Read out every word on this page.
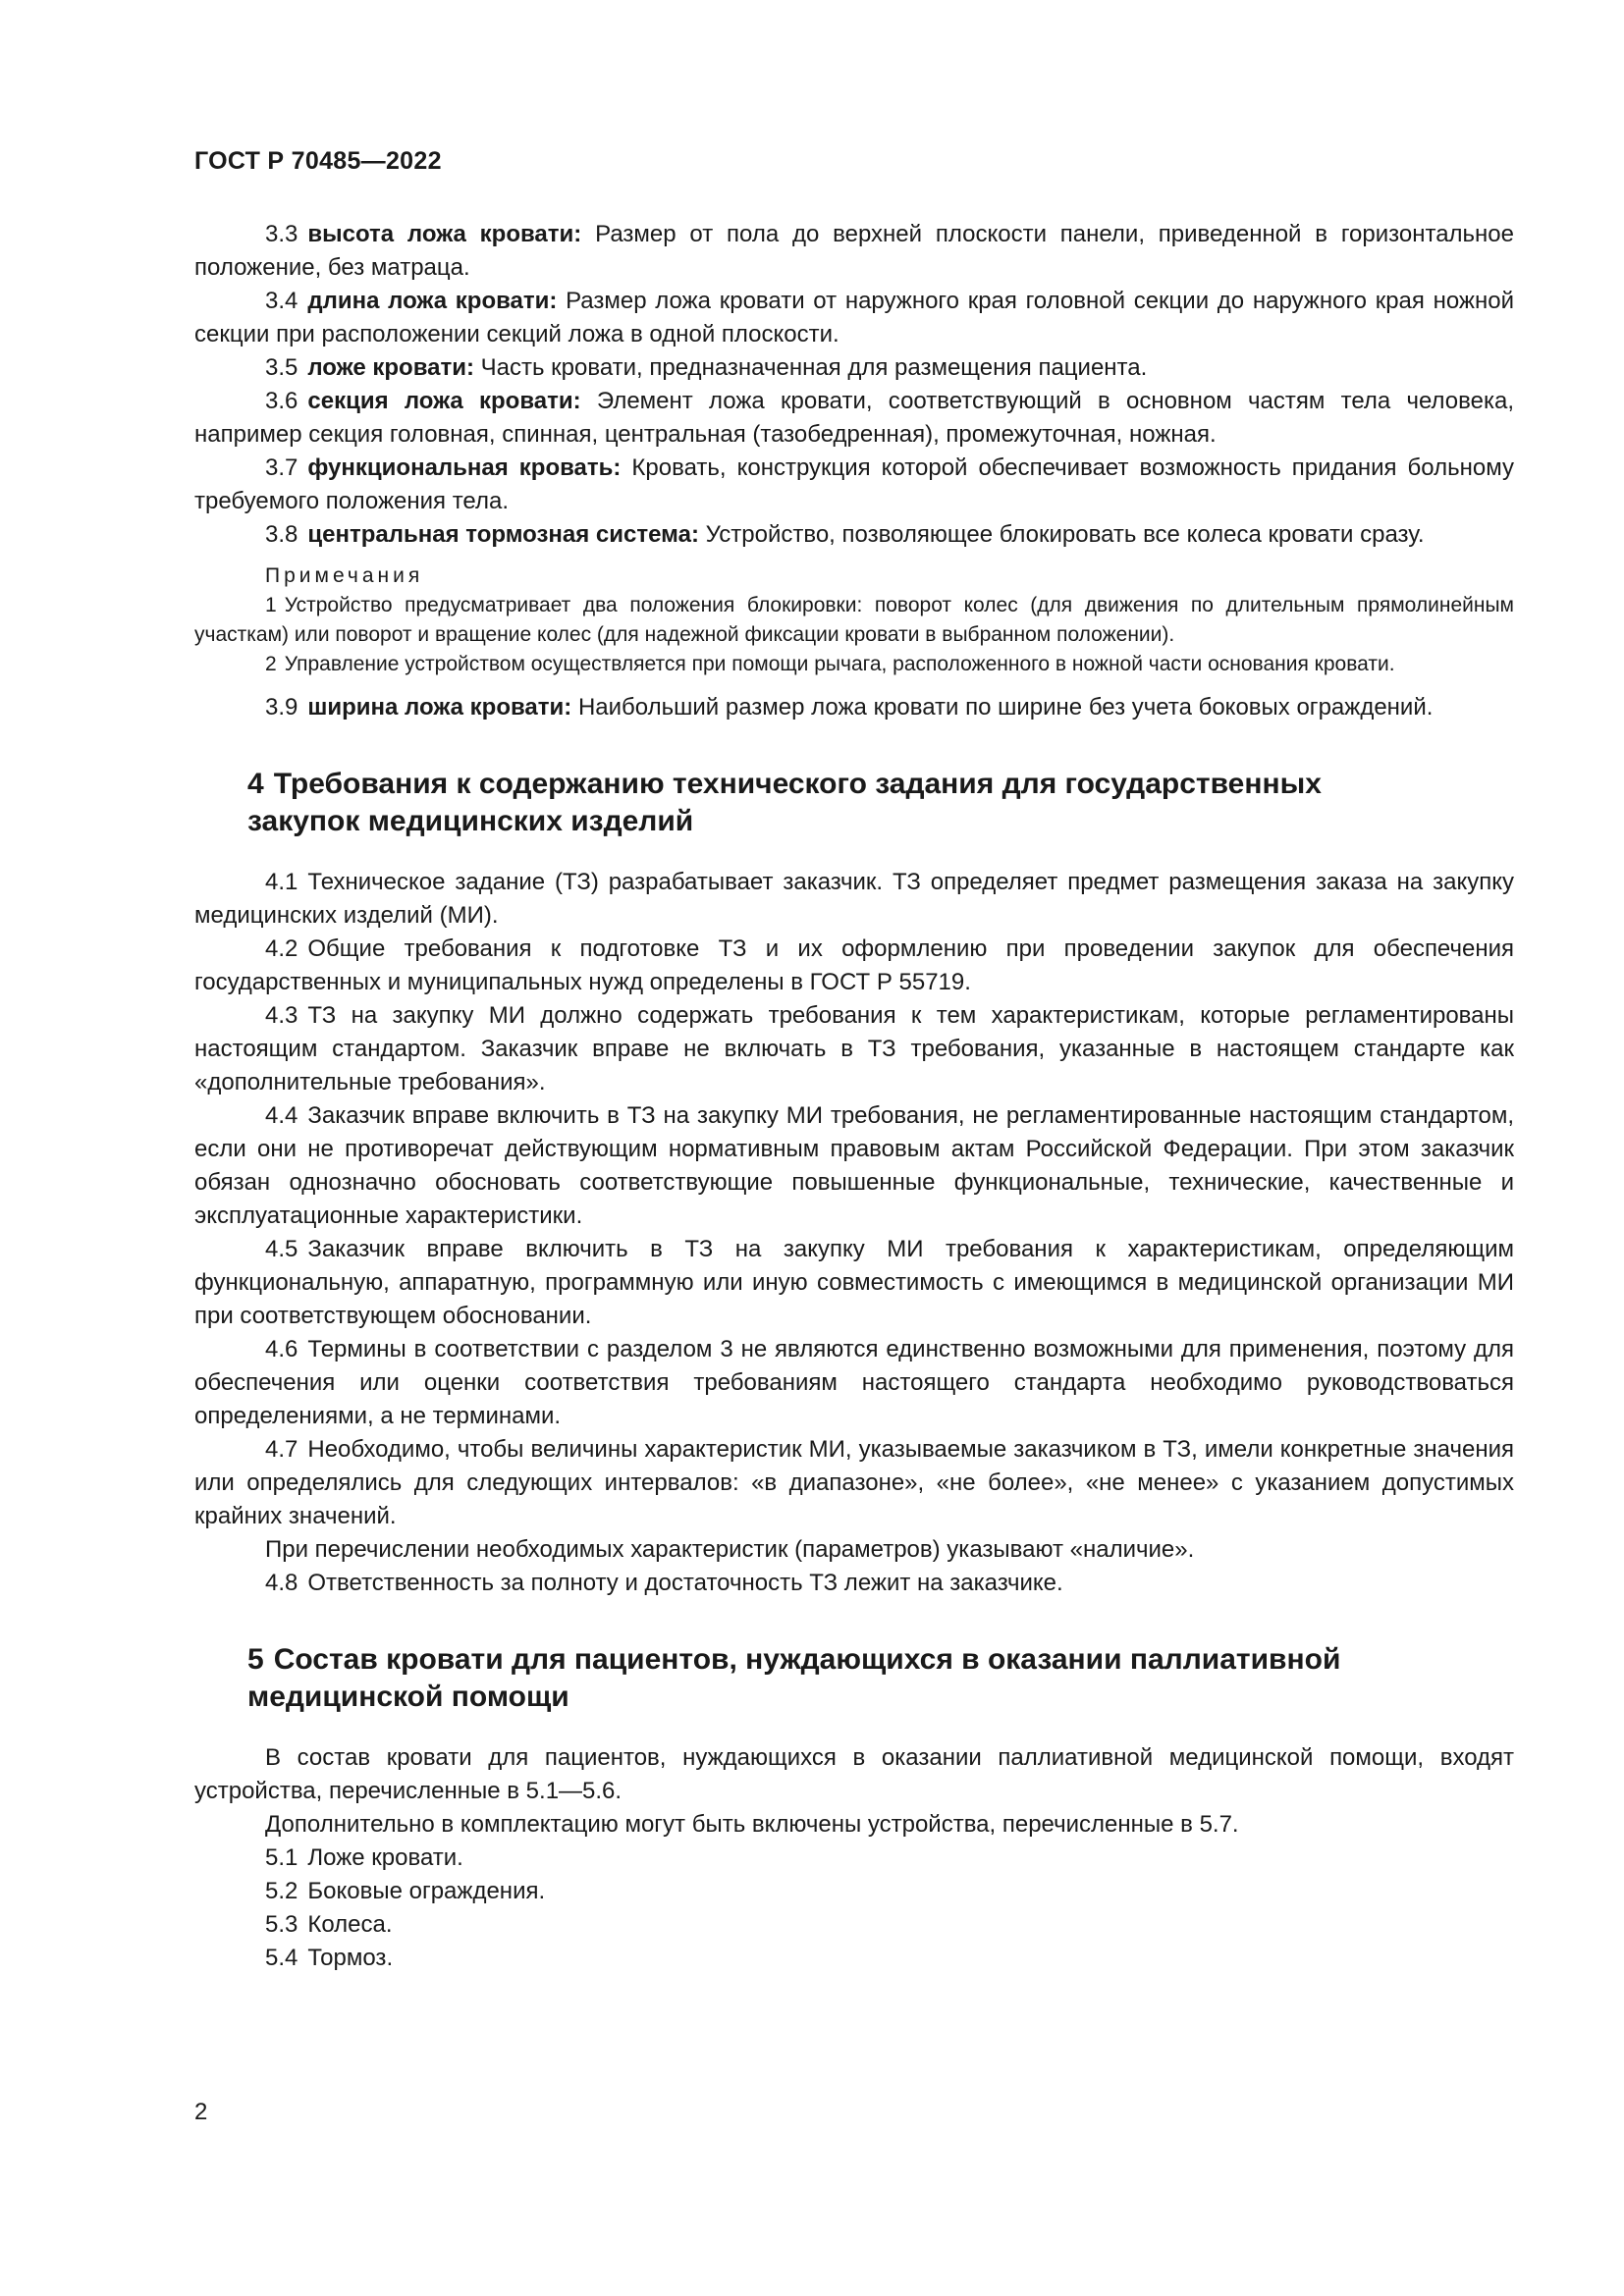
ГОСТ Р 70485—2022

3.3 высота ложа кровати: Размер от пола до верхней плоскости панели, приведенной в горизонтальное положение, без матраца.

3.4 длина ложа кровати: Размер ложа кровати от наружного края головной секции до наружного края ножной секции при расположении секций ложа в одной плоскости.

3.5 ложе кровати: Часть кровати, предназначенная для размещения пациента.

3.6 секция ложа кровати: Элемент ложа кровати, соответствующий в основном частям тела человека, например секция головная, спинная, центральная (тазобедренная), промежуточная, ножная.

3.7 функциональная кровать: Кровать, конструкция которой обеспечивает возможность придания больному требуемого положения тела.

3.8 центральная тормозная система: Устройство, позволяющее блокировать все колеса кровати сразу.

Примечания

1 Устройство предусматривает два положения блокировки: поворот колес (для движения по длительным прямолинейным участкам) или поворот и вращение колес (для надежной фиксации кровати в выбранном положении).

2 Управление устройством осуществляется при помощи рычага, расположенного в ножной части основания кровати.

3.9 ширина ложа кровати: Наибольший размер ложа кровати по ширине без учета боковых ограждений.

4 Требования к содержанию технического задания для государственных закупок медицинских изделий

4.1 Техническое задание (ТЗ) разрабатывает заказчик. ТЗ определяет предмет размещения заказа на закупку медицинских изделий (МИ).

4.2 Общие требования к подготовке ТЗ и их оформлению при проведении закупок для обеспечения государственных и муниципальных нужд определены в ГОСТ Р 55719.

4.3 ТЗ на закупку МИ должно содержать требования к тем характеристикам, которые регламентированы настоящим стандартом. Заказчик вправе не включать в ТЗ требования, указанные в настоящем стандарте как «дополнительные требования».

4.4 Заказчик вправе включить в ТЗ на закупку МИ требования, не регламентированные настоящим стандартом, если они не противоречат действующим нормативным правовым актам Российской Федерации. При этом заказчик обязан однозначно обосновать соответствующие повышенные функциональные, технические, качественные и эксплуатационные характеристики.

4.5 Заказчик вправе включить в ТЗ на закупку МИ требования к характеристикам, определяющим функциональную, аппаратную, программную или иную совместимость с имеющимся в медицинской организации МИ при соответствующем обосновании.

4.6 Термины в соответствии с разделом 3 не являются единственно возможными для применения, поэтому для обеспечения или оценки соответствия требованиям настоящего стандарта необходимо руководствоваться определениями, а не терминами.

4.7 Необходимо, чтобы величины характеристик МИ, указываемые заказчиком в ТЗ, имели конкретные значения или определялись для следующих интервалов: «в диапазоне», «не более», «не менее» с указанием допустимых крайних значений.

При перечислении необходимых характеристик (параметров) указывают «наличие».

4.8 Ответственность за полноту и достаточность ТЗ лежит на заказчике.

5 Состав кровати для пациентов, нуждающихся в оказании паллиативной медицинской помощи

В состав кровати для пациентов, нуждающихся в оказании паллиативной медицинской помощи, входят устройства, перечисленные в 5.1—5.6.

Дополнительно в комплектацию могут быть включены устройства, перечисленные в 5.7.

5.1 Ложе кровати.

5.2 Боковые ограждения.

5.3 Колеса.

5.4 Тормоз.

2
